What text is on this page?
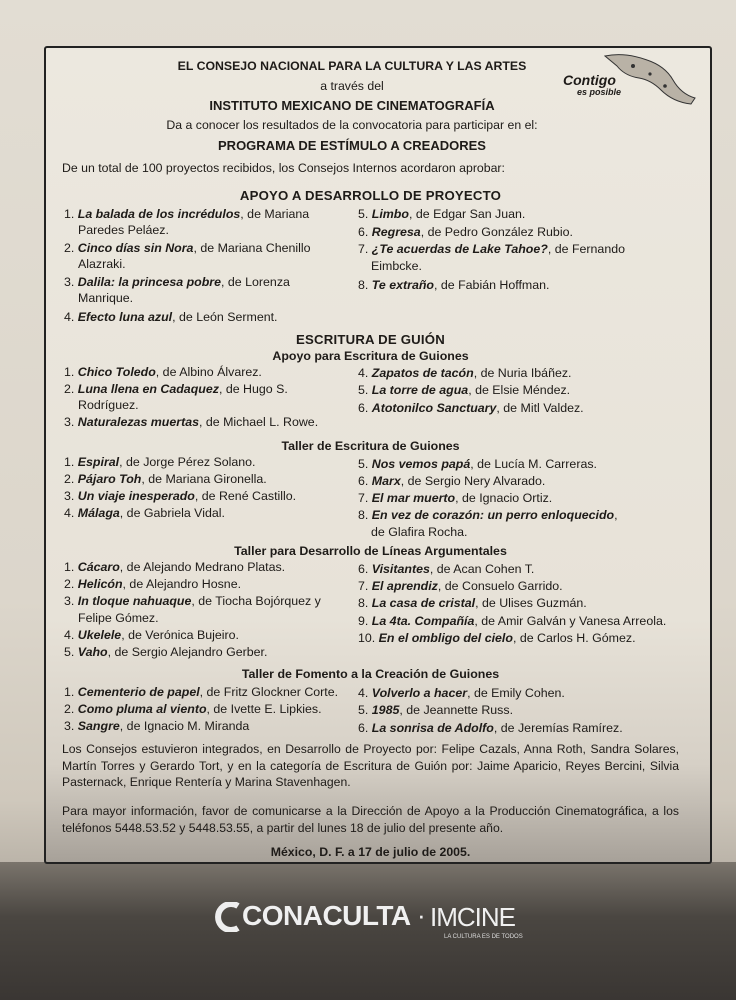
Contigo
es posible
EL CONSEJO NACIONAL PARA LA CULTURA Y LAS ARTES
a través del
INSTITUTO MEXICANO DE CINEMATOGRAFÍA
Da a conocer los resultados de la convocatoria para participar en el:
PROGRAMA DE ESTÍMULO A CREADORES
De un total de 100 proyectos recibidos, los Consejos Internos acordaron aprobar:
APOYO A DESARROLLO DE PROYECTO
1. La balada de los incrédulos, de Mariana
Paredes Peláez.
2. Cinco días sin Nora, de Mariana Chenillo
Alazraki.
3. Dalila: la princesa pobre, de Lorenza
Manrique.
4. Efecto luna azul, de León Serment.
5. Limbo, de Edgar San Juan.
6. Regresa, de Pedro González Rubio.
7. ¿Te acuerdas de Lake Tahoe?, de Fernando
Eimbcke.
8. Te extraño, de Fabián Hoffman.
ESCRITURA DE GUIÓN
Apoyo para Escritura de Guiones
1. Chico Toledo, de Albino Álvarez.
2. Luna llena en Cadaquez, de Hugo S.
Rodríguez.
3. Naturalezas muertas, de Michael L. Rowe.
4. Zapatos de tacón, de Nuria Ibáñez.
5. La torre de agua, de Elsie Méndez.
6. Atotonilco Sanctuary, de Mitl Valdez.
Taller de Escritura de Guiones
1. Espiral, de Jorge Pérez Solano.
2. Pájaro Toh, de Mariana Gironella.
3. Un viaje inesperado, de René Castillo.
4. Málaga, de Gabriela Vidal.
5. Nos vemos papá, de Lucía M. Carreras.
6. Marx, de Sergio Nery Alvarado.
7. El mar muerto, de Ignacio Ortiz.
8. En vez de corazón: un perro enloquecido,
de Glafira Rocha.
Taller para Desarrollo de Líneas Argumentales
1. Cácaro, de Alejando Medrano Platas.
2. Helicón, de Alejandro Hosne.
3. In tloque nahuaque, de Tiocha Bojórquez y
Felipe Gómez.
4. Ukelele, de Verónica Bujeiro.
5. Vaho, de Sergio Alejandro Gerber.
6. Visitantes, de Acan Cohen T.
7. El aprendiz, de Consuelo Garrido.
8. La casa de cristal, de Ulises Guzmán.
9. La 4ta. Compañía, de Amir Galván y Vanesa Arreola.
10. En el ombligo del cielo, de Carlos H. Gómez.
Taller de Fomento a la Creación de Guiones
1. Cementerio de papel, de Fritz Glockner Corte.
2. Como pluma al viento, de Ivette E. Lipkies.
3. Sangre, de Ignacio M. Miranda
4. Volverlo a hacer, de Emily Cohen.
5. 1985, de Jeannette Russ.
6. La sonrisa de Adolfo, de Jeremías Ramírez.
Los Consejos estuvieron integrados, en Desarrollo de Proyecto por: Felipe Cazals, Anna Roth, Sandra Solares, Martín Torres y Gerardo Tort, y en la categoría de Escritura de Guión por: Jaime Aparicio, Reyes Bercini, Silvia Pasternack, Enrique Rentería y Marina Stavenhagen.
Para mayor información, favor de comunicarse a la Dirección de Apoyo a la Producción Cinematográfica, a los teléfonos 5448.53.52 y 5448.53.55, a partir del lunes 18 de julio del presente año.
México, D. F. a 17 de julio de 2005.
CONACULTA · IMCINE
LA CULTURA ES DE TODOS
